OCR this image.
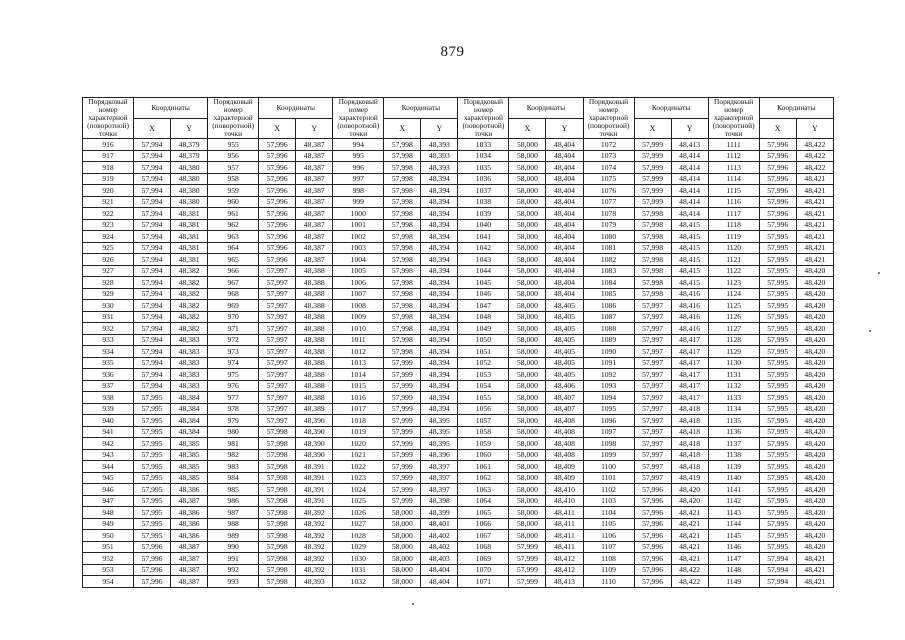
879
Порядковый номер характерной (поворотной) точки	Координаты		Порядковый номер характерной (поворотной) точки	Координаты		Порядковый номер характерной (поворотной) точки	Координаты		Порядковый номер характерной (поворотной) точки	Координаты		Порядковый номер характерной (поворотной) точки	Координаты		Порядковый номер характерной (поворотной) точки	Координаты	
	X	Y		X	Y		X	Y		X	Y		X	Y		X	Y
916	57,994	48,379	955	57,996	48,387	994	57,998	48,393	1033	58,000	48,404	1072	57,999	48,413	1111	57,996	48,422
917	57,994	48,379	956	57,996	48,387	995	57,998	48,393	1034	58,000	48,404	1073	57,999	48,414	1112	57,996	48,422
918	57,994	48,380	957	57,996	48,387	996	57,998	48,393	1035	58,000	48,404	1074	57,999	48,414	1113	57,996	48,422
919	57,994	48,380	958	57,996	48,387	997	57,998	48,394	1036	58,000	48,404	1075	57,999	48,414	1114	57,996	48,421
920	57,994	48,380	959	57,996	48,387	998	57,998	48,394	1037	58,000	48,404	1076	57,999	48,414	1115	57,996	48,421
921	57,994	48,380	960	57,996	48,387	999	57,998	48,394	1038	58,000	48,404	1077	57,999	48,414	1116	57,996	48,421
922	57,994	48,381	961	57,996	48,387	1000	57,998	48,394	1039	58,000	48,404	1078	57,998	48,414	1117	57,996	48,421
923	57,994	48,381	962	57,996	48,387	1001	57,998	48,394	1040	58,000	48,404	1079	57,998	48,415	1118	57,996	48,421
924	57,994	48,381	963	57,996	48,387	1002	57,998	48,394	1041	58,000	48,404	1080	57,998	48,415	1119	57,995	48,421
925	57,994	48,381	964	57,996	48,387	1003	57,998	48,394	1042	58,000	48,404	1081	57,998	48,415	1120	57,995	48,421
926	57,994	48,381	965	57,996	48,387	1004	57,998	48,394	1043	58,000	48,404	1082	57,998	48,415	1121	57,995	48,421
927	57,994	48,382	966	57,997	48,388	1005	57,998	48,394	1044	58,000	48,404	1083	57,998	48,415	1122	57,995	48,420
928	57,994	48,382	967	57,997	48,388	1006	57,998	48,394	1045	58,000	48,404	1084	57,998	48,415	1123	57,995	48,420
929	57,994	48,382	968	57,997	48,388	1007	57,998	48,394	1046	58,000	48,404	1085	57,998	48,416	1124	57,995	48,420
930	57,994	48,382	969	57,997	48,388	1008	57,998	48,394	1047	58,000	48,405	1086	57,997	48,416	1125	57,995	48,420
931	57,994	48,382	970	57,997	48,388	1009	57,998	48,394	1048	58,000	48,405	1087	57,997	48,416	1126	57,995	48,420
932	57,994	48,382	971	57,997	48,388	1010	57,998	48,394	1049	58,000	48,405	1088	57,997	48,416	1127	57,995	48,420
933	57,994	48,383	972	57,997	48,388	1011	57,998	48,394	1050	58,000	48,405	1089	57,997	48,417	1128	57,995	48,420
934	57,994	48,383	973	57,997	48,388	1012	57,998	48,394	1051	58,000	48,405	1090	57,997	48,417	1129	57,995	48,420
935	57,994	48,383	974	57,997	48,388	1013	57,999	48,394	1052	58,000	48,405	1091	57,997	48,417	1130	57,995	48,420
936	57,994	48,383	975	57,997	48,388	1014	57,999	48,394	1053	58,000	48,405	1092	57,997	48,417	1131	57,995	48,420
937	57,994	48,383	976	57,997	48,388	1015	57,999	48,394	1054	58,000	48,406	1093	57,997	48,417	1132	57,995	48,420
938	57,995	48,384	977	57,997	48,388	1016	57,999	48,394	1055	58,000	48,407	1094	57,997	48,417	1133	57,995	48,420
939	57,995	48,384	978	57,997	48,389	1017	57,999	48,394	1056	58,000	48,407	1095	57,997	48,418	1134	57,995	48,420
940	57,995	48,384	979	57,997	48,390	1018	57,999	48,395	1057	58,000	48,408	1096	57,997	48,418	1135	57,995	48,420
941	57,995	48,384	980	57,998	48,390	1019	57,999	48,395	1058	58,000	48,408	1097	57,997	48,418	1136	57,995	48,420
942	57,995	48,385	981	57,998	48,390	1020	57,999	48,395	1059	58,000	48,408	1098	57,997	48,418	1137	57,995	48,420
943	57,995	48,385	982	57,998	48,390	1021	57,999	48,396	1060	58,000	48,408	1099	57,997	48,418	1138	57,995	48,420
944	57,995	48,385	983	57,998	48,391	1022	57,999	48,397	1061	58,000	48,409	1100	57,997	48,418	1139	57,995	48,420
945	57,995	48,385	984	57,998	48,391	1023	57,999	48,397	1062	58,000	48,409	1101	57,997	48,419	1140	57,995	48,420
946	57,995	48,386	985	57,998	48,391	1024	57,999	48,397	1063	58,000	48,410	1102	57,996	48,420	1141	57,995	48,420
947	57,995	48,387	986	57,998	48,391	1025	57,999	48,398	1064	58,000	48,410	1103	57,996	48,420	1142	57,995	48,420
948	57,995	48,386	987	57,998	48,392	1026	58,000	48,399	1065	58,000	48,411	1104	57,996	48,421	1143	57,995	48,420
949	57,995	48,386	988	57,998	48,392	1027	58,000	48,401	1066	58,000	48,411	1105	57,996	48,421	1144	57,995	48,420
950	57,995	48,386	989	57,998	48,392	1028	58,000	48,402	1067	58,000	48,411	1106	57,996	48,421	1145	57,995	48,420
951	57,996	48,387	990	57,998	48,392	1029	58,000	48,402	1068	57,999	48,411	1107	57,996	48,421	1146	57,995	48,420
952	57,996	48,387	991	57,998	48,392	1030	58,000	48,403	1069	57,999	48,412	1108	57,996	48,421	1147	57,994	48,421
953	57,996	48,387	992	57,998	48,392	1031	58,000	48,404	1070	57,999	48,412	1109	57,996	48,422	1148	57,994	48,421
954	57,996	48,387	993	57,998	48,393	1032	58,000	48,404	1071	57,999	48,413	1110	57,996	48,422	1149	57,994	48,421
